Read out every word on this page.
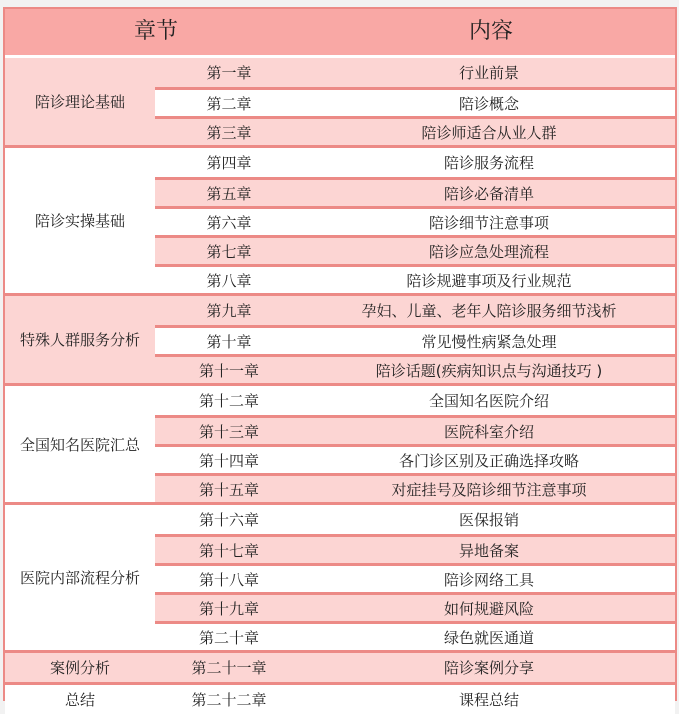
章节	内容
陪诊理论基础
第一章	行业前景
第二章	陪诊概念
第三章	陪诊师适合从业人群
陪诊实操基础
第四章	陪诊服务流程
第五章	陪诊必备清单
第六章	陪诊细节注意事项
第七章	陪诊应急处理流程
第八章	陪诊规避事项及行业规范
特殊人群服务分析
第九章	孕妇、儿童、老年人陪诊服务细节浅析
第十章	常见慢性病紧急处理
第十一章	陪诊话题(疾病知识点与沟通技巧 )
全国知名医院汇总
第十二章	全国知名医院介绍
第十三章	医院科室介绍
第十四章	各门诊区别及正确选择攻略
第十五章	对症挂号及陪诊细节注意事项
医院内部流程分析
第十六章	医保报销
第十七章	异地备案
第十八章	陪诊网络工具
第十九章	如何规避风险
第二十章	绿色就医通道
案例分析	第二十一章	陪诊案例分享
总结	第二十二章	课程总结
